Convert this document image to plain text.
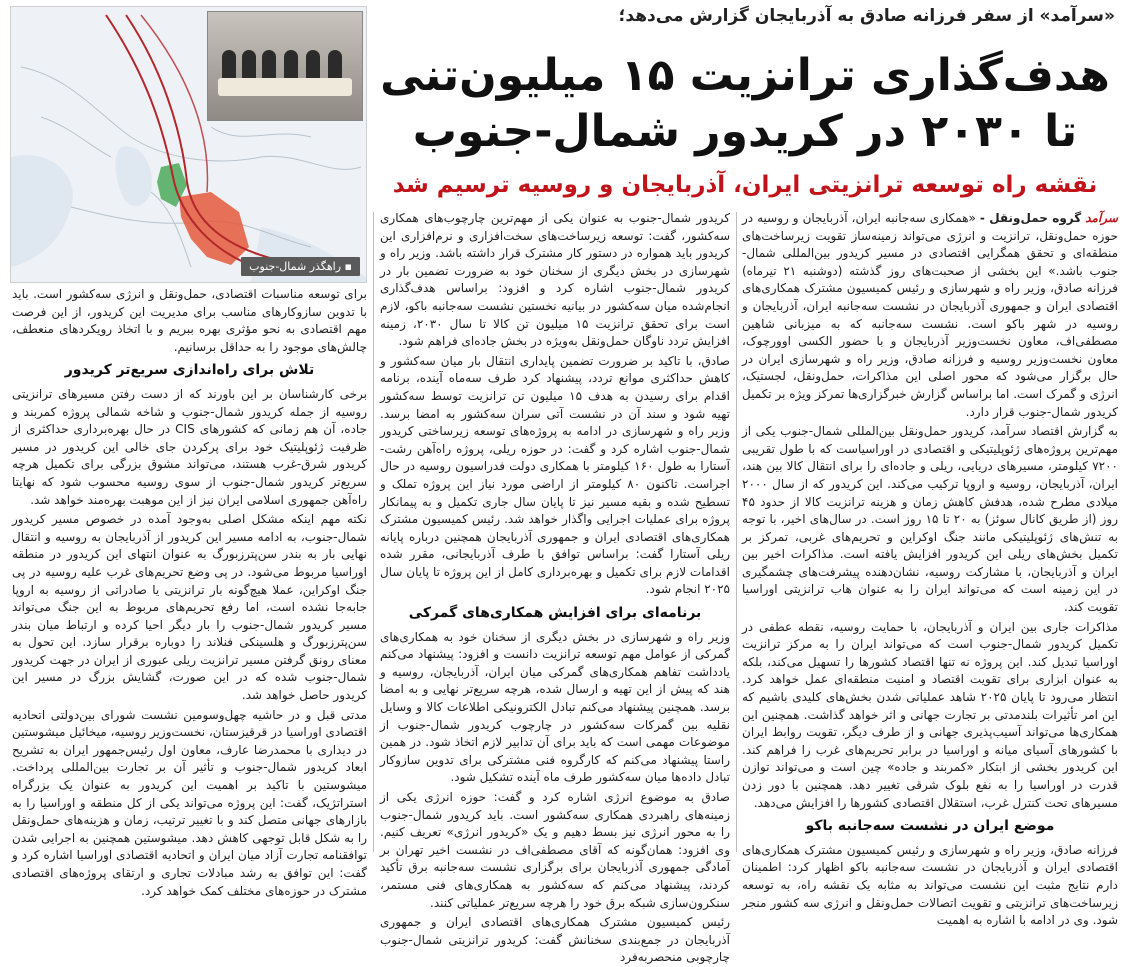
▪ راهگذر شمال-جنوب
«سرآمد» از سفر فرزانه صادق به آذربایجان گزارش می‌دهد؛
هدف‌گذاری ترانزیت ۱۵ میلیون‌تنی
تا ۲۰۳۰ در کریدور شمال-جنوب
نقشه راه توسعه ترانزیتی ایران، آذربایجان و روسیه ترسیم شد

سرآمد گروه حمل‌ونقل - «همکاری سه‌جانبه ایران، آذربایجان و روسیه در حوزه حمل‌ونقل، ترانزیت و انرژی می‌تواند زمینه‌ساز تقویت زیرساخت‌های منطقه‌ای و تحقق همگرایی اقتصادی در مسیر کریدور بین‌المللی شمال-جنوب باشد.» این بخشی از صحبت‌های روز گذشته (دوشنبه ۲۱ تیرماه) فرزانه صادق، وزیر راه و شهرسازی و رئیس کمیسیون مشترک همکاری‌های اقتصادی ایران و جمهوری آذربایجان در نشست سه‌جانبه ایران، آذربایجان و روسیه در شهر باکو است. نشست سه‌جانبه که به میزبانی شاهین مصطفی‌اف، معاون نخست‌وزیر آذربایجان و با حضور الکسی اوورچوک، معاون نخست‌وزیر روسیه و فرزانه صادق، وزیر راه و شهرسازی ایران در حال برگزار می‌شود که محور اصلی این مذاکرات، حمل‌ونقل، لجستیک، انرژی و گمرک است. اما براساس گزارش خبرگزاری‌ها تمرکز ویژه بر تکمیل کریدور شمال-جنوب قرار دارد.

به گزارش اقتصاد سرآمد، کریدور حمل‌ونقل بین‌المللی شمال-جنوب یکی از مهم‌ترین پروژه‌های ژئوپلیتیکی و اقتصادی در اوراسیاست که با طول تقریبی ۷۲۰۰ کیلومتر، مسیرهای دریایی، ریلی و جاده‌ای را برای انتقال کالا بین هند، ایران، آذربایجان، روسیه و اروپا ترکیب می‌کند. این کریدور که از سال ۲۰۰۰ میلادی مطرح شده، هدفش کاهش زمان و هزینه ترانزیت کالا از حدود ۴۵ روز (از طریق کانال سوئز) به ۲۰ تا ۱۵ روز است. در سال‌های اخیر، با توجه به تنش‌های ژئوپلیتیکی مانند جنگ اوکراین و تحریم‌های غربی، تمرکز بر تکمیل بخش‌های ریلی این کریدور افزایش یافته است. مذاکرات اخیر بین ایران و آذربایجان، با مشارکت روسیه، نشان‌دهنده پیشرفت‌های چشمگیری در این زمینه است که می‌تواند ایران را به عنوان هاب ترانزیتی اوراسیا تقویت کند.

مذاکرات جاری بین ایران و آذربایجان، با حمایت روسیه، نقطه عطفی در تکمیل کریدور شمال-جنوب است که می‌تواند ایران را به مرکز ترانزیت اوراسیا تبدیل کند. این پروژه نه تنها اقتصاد کشورها را تسهیل می‌کند، بلکه به عنوان ابزاری برای تقویت اقتصاد و امنیت منطقه‌ای عمل خواهد کرد. انتظار می‌رود تا پایان ۲۰۲۵ شاهد عملیاتی شدن بخش‌های کلیدی باشیم که این امر تأثیرات بلندمدتی بر تجارت جهانی و اثر خواهد گذاشت. همچنین این همکاری‌ها می‌تواند آسیب‌پذیری جهانی و از طرف دیگر، تقویت روابط ایران با کشورهای آسیای میانه و اوراسیا در برابر تحریم‌های غرب را فراهم کند. این کریدور بخشی از ابتکار «کمربند و جاده» چین است و می‌تواند توازن قدرت در اوراسیا را به نفع بلوک شرقی تغییر دهد. همچنین با دور زدن مسیرهای تحت کنترل غرب، استقلال اقتصادی کشورها را افزایش می‌دهد.

موضع ایران در نشست سه‌جانبه باکو

فرزانه صادق، وزیر راه و شهرسازی و رئیس کمیسیون مشترک همکاری‌های اقتصادی ایران و آذربایجان در نشست سه‌جانبه باکو اظهار کرد: اطمینان دارم نتایج مثبت این نشست می‌تواند به مثابه یک نقشه راه، به توسعه زیرساخت‌های ترانزیتی و تقویت اتصالات حمل‌ونقل و انرژی سه کشور منجر شود. وی در ادامه با اشاره به اهمیت

کریدور شمال-جنوب به عنوان یکی از مهم‌ترین چارچوب‌های همکاری سه‌کشور، گفت: توسعه زیرساخت‌های سخت‌افزاری و نرم‌افزاری این کریدور باید همواره در دستور کار مشترک قرار داشته باشد. وزیر راه و شهرسازی در بخش دیگری از سخنان خود به ضرورت تضمین بار در کریدور شمال-جنوب اشاره کرد و افزود: براساس هدف‌گذاری انجام‌شده میان سه‌کشور در بیانیه نخستین نشست سه‌جانبه باکو، لازم است برای تحقق ترانزیت ۱۵ میلیون تن کالا تا سال ۲۰۳۰، زمینه افزایش تردد ناوگان حمل‌ونقل به‌ویژه در بخش جاده‌ای فراهم شود.

صادق، با تاکید بر ضرورت تضمین پایداری انتقال بار میان سه‌کشور و کاهش حداکثری موانع تردد، پیشنهاد کرد طرف سه‌ماه آینده، برنامه اقدام برای رسیدن به هدف ۱۵ میلیون تن ترانزیت توسط سه‌کشور تهیه شود و سند آن در نشست آتی سران سه‌کشور به امضا برسد. وزیر راه و شهرسازی در ادامه به پروژه‌های توسعه زیرساختی کریدور شمال-جنوب اشاره کرد و گفت: در حوزه ریلی، پروژه راه‌آهن رشت-آستارا به طول ۱۶۰ کیلومتر با همکاری دولت فدراسیون روسیه در حال اجراست. تاکنون ۸۰ کیلومتر از اراضی مورد نیاز این پروژه تملک و تسطیح شده و بقیه مسیر نیز تا پایان سال جاری تکمیل و به پیمانکار پروژه برای عملیات اجرایی واگذار خواهد شد. رئیس کمیسیون مشترک همکاری‌های اقتصادی ایران و جمهوری آذربایجان همچنین درباره پایانه ریلی آستارا گفت: براساس توافق با طرف آذربایجانی، مقرر شده اقدامات لازم برای تکمیل و بهره‌برداری کامل از این پروژه تا پایان سال ۲۰۲۵ انجام شود.

برنامه‌ای برای افزایش همکاری‌های گمرکی

وزیر راه و شهرسازی در بخش دیگری از سخنان خود به همکاری‌های گمرکی از عوامل مهم توسعه ترانزیت دانست و افزود: پیشنهاد می‌کنم یادداشت تفاهم همکاری‌های گمرکی میان ایران، آذربایجان، روسیه و هند که پیش از این تهیه و ارسال شده، هرچه سریع‌تر نهایی و به امضا برسد. همچنین پیشنهاد می‌کنم تبادل الکترونیکی اطلاعات کالا و وسایل نقلیه بین گمرکات سه‌کشور در چارچوب کریدور شمال-جنوب از موضوعات مهمی است که باید برای آن تدابیر لازم اتخاذ شود. در همین راستا پیشنهاد می‌کنم که کارگروه فنی مشترکی برای تدوین سازوکار تبادل داده‌ها میان سه‌کشور طرف ماه آینده تشکیل شود.

صادق به موضوع انرژی اشاره کرد و گفت: حوزه انرژی یکی از زمینه‌های راهبردی همکاری سه‌کشور است. باید کریدور شمال-جنوب را به محور انرژی نیز بسط دهیم و یک «کریدور انرژی» تعریف کنیم. وی افزود: همان‌گونه که آقای مصطفی‌اف در نشست اخیر تهران بر آمادگی جمهوری آذربایجان برای برگزاری نشست سه‌جانبه برق تأکید کردند، پیشنهاد می‌کنم که سه‌کشور به همکاری‌های فنی مستمر، سنکرون‌سازی شبکه برق خود را هرچه سریع‌تر عملیاتی کنند.

رئیس کمیسیون مشترک همکاری‌های اقتصادی ایران و جمهوری آذربایجان در جمع‌بندی سخنانش گفت: کریدور ترانزیتی شمال-جنوب چارچوبی منحصربه‌فرد

برای توسعه مناسبات اقتصادی، حمل‌ونقل و انرژی سه‌کشور است. باید با تدوین سازوکارهای مناسب برای مدیریت این کریدور، از این فرصت مهم اقتصادی به نحو مؤثری بهره ببریم و با اتخاذ رویکردهای منعطف، چالش‌های موجود را به حداقل برسانیم.

تلاش برای راه‌اندازی سریع‌تر کریدور

برخی کارشناسان بر این باورند که از دست رفتن مسیرهای ترانزیتی روسیه از جمله کریدور شمال-جنوب و شاخه شمالی پروژه کمربند و جاده، آن هم زمانی که کشورهای CIS در حال بهره‌برداری حداکثری از ظرفیت ژئوپلیتیک خود برای پرکردن جای خالی این کریدور در مسیر کریدور شرق-غرب هستند، می‌تواند مشوق بزرگی برای تکمیل هرچه سریع‌تر کریدور شمال-جنوب از سوی روسیه محسوب شود که نهایتا راه‌آهن جمهوری اسلامی ایران نیز از این موهبت بهره‌مند خواهد شد.

نکته مهم اینکه مشکل اصلی به‌وجود آمده در خصوص مسیر کریدور شمال-جنوب، به ادامه مسیر این کریدور از آذربایجان به روسیه و انتقال نهایی بار به بندر سن‌پترزبورگ به عنوان انتهای این کریدور در منطقه اوراسیا مربوط می‌شود. در پی وضع تحریم‌های غرب علیه روسیه در پی جنگ اوکراین، عملا هیچ‌گونه بار ترانزیتی یا صادراتی از روسیه به اروپا جابه‌جا نشده است، اما رفع تحریم‌های مربوط به این جنگ می‌تواند مسیر کریدور شمال-جنوب را بار دیگر احیا کرده و ارتباط میان بندر سن‌پترزبورگ و هلسینکی فنلاند را دوباره برقرار سازد. این تحول به معنای رونق گرفتن مسیر ترانزیت ریلی عبوری از ایران در جهت کریدور شمال-جنوب شده که در این صورت، گشایش بزرگ در مسیر این کریدور حاصل خواهد شد.

مدتی قبل و در حاشیه چهل‌وسومین نشست شورای بین‌دولتی اتحادیه اقتصادی اوراسیا در قرقیزستان، نخست‌وزیر روسیه، میخائیل میشوستین در دیداری با محمدرضا عارف، معاون اول رئیس‌جمهور ایران به تشریح ابعاد کریدور شمال-جنوب و تأثیر آن بر تجارت بین‌المللی پرداخت. میشوستین با تاکید بر اهمیت این کریدور به عنوان یک بزرگراه استراتژیک، گفت: این پروژه می‌تواند یکی از کل منطقه و اوراسیا را به بازارهای جهانی متصل کند و با تغییر ترتیب، زمان و هزینه‌های حمل‌ونقل را به شکل قابل توجهی کاهش دهد. میشوستین همچنین به اجرایی شدن توافقنامه تجارت آزاد میان ایران و اتحادیه اقتصادی اوراسیا اشاره کرد و گفت: این توافق به رشد مبادلات تجاری و ارتقای پروژه‌های اقتصادی مشترک در حوزه‌های مختلف کمک خواهد کرد.
